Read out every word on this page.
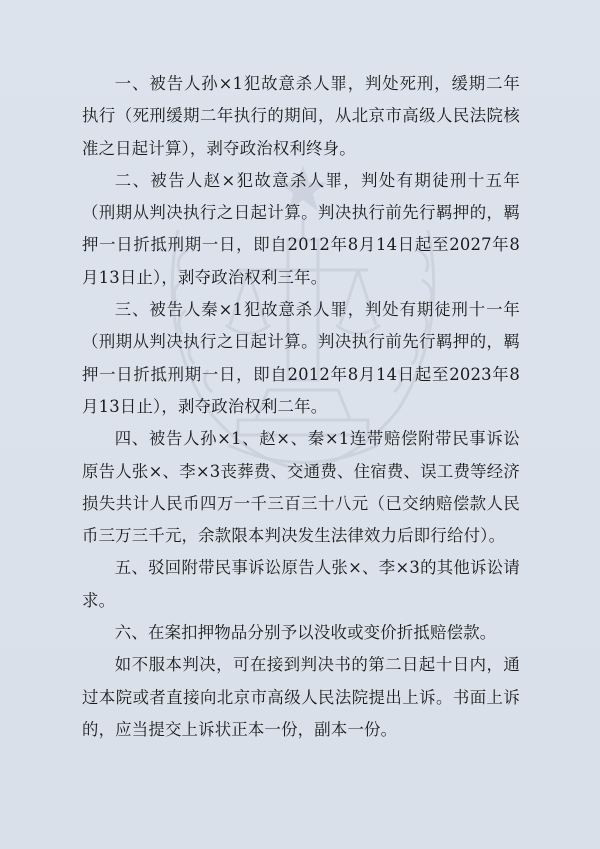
一、被告人孙×1犯故意杀人罪，判处死刑，缓期二年执行（死刑缓期二年执行的期间，从北京市高级人民法院核准之日起计算），剥夺政治权利终身。

二、被告人赵×犯故意杀人罪，判处有期徒刑十五年（刑期从判决执行之日起计算。判决执行前先行羁押的，羁押一日折抵刑期一日，即自2012年8月14日起至2027年8月13日止），剥夺政治权利三年。

三、被告人秦×1犯故意杀人罪，判处有期徒刑十一年（刑期从判决执行之日起计算。判决执行前先行羁押的，羁押一日折抵刑期一日，即自2012年8月14日起至2023年8月13日止），剥夺政治权利二年。

四、被告人孙×1、赵×、秦×1连带赔偿附带民事诉讼原告人张×、李×3丧葬费、交通费、住宿费、误工费等经济损失共计人民币四万一千三百三十八元（已交纳赔偿款人民币三万三千元，余款限本判决发生法律效力后即行给付）。

五、驳回附带民事诉讼原告人张×、李×3的其他诉讼请求。

六、在案扣押物品分别予以没收或变价折抵赔偿款。

如不服本判决，可在接到判决书的第二日起十日内，通过本院或者直接向北京市高级人民法院提出上诉。书面上诉的，应当提交上诉状正本一份，副本一份。
